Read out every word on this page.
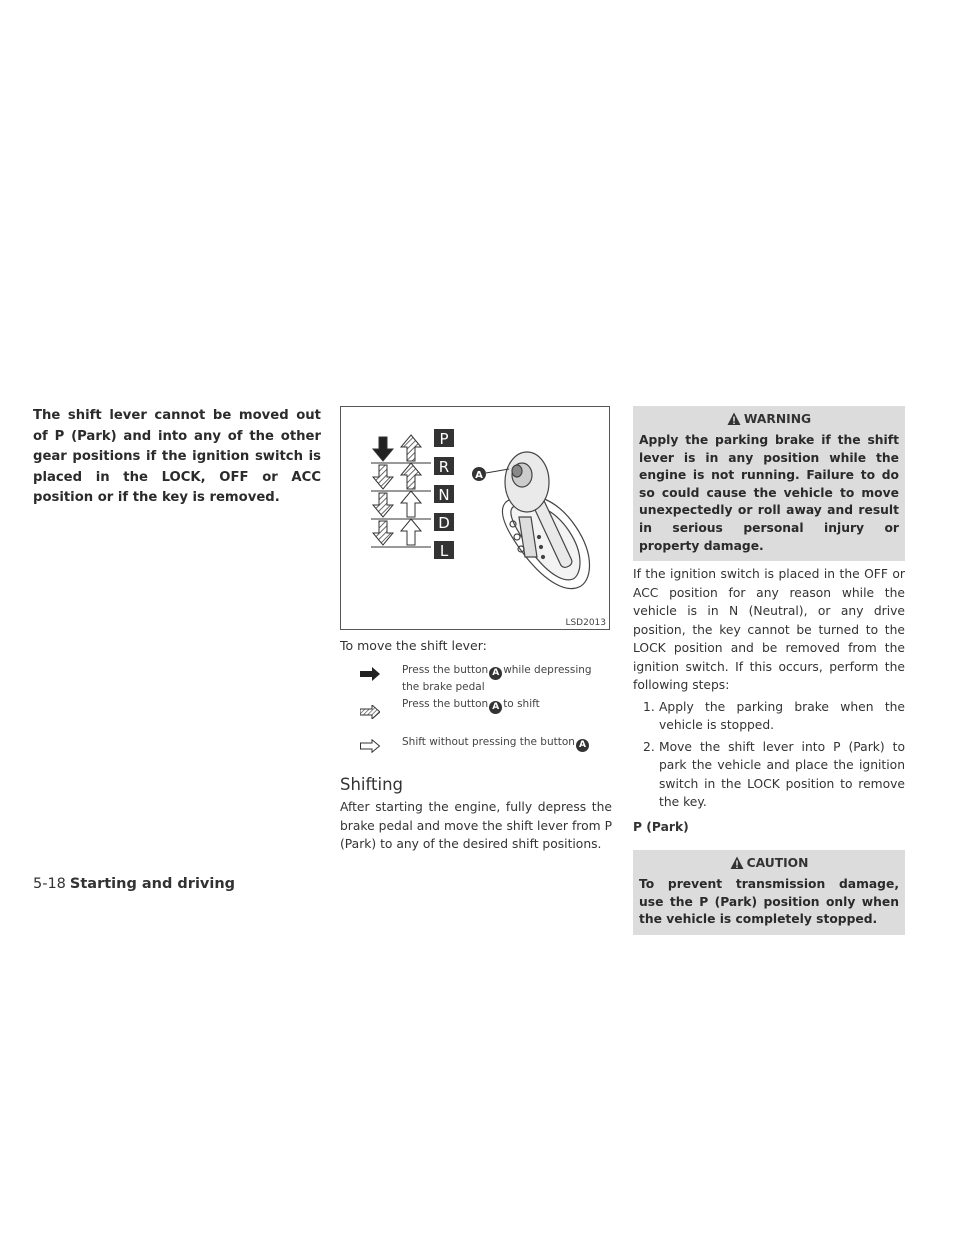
The shift lever cannot be moved out of P (Park) and into any of the other gear positions if the ignition switch is placed in the LOCK, OFF or ACC position or if the key is removed.
P
R
N
D
L
A
LSD2013
To move the shift lever:
Press the button A while depressing the brake pedal
Press the button A to shift
Shift without pressing the button A
Shifting
After starting the engine, fully depress the brake pedal and move the shift lever from P (Park) to any of the desired shift positions.
WARNING
Apply the parking brake if the shift lever is in any position while the engine is not running. Failure to do so could cause the vehicle to move unexpectedly or roll away and result in serious personal injury or property damage.
If the ignition switch is placed in the OFF or ACC position for any reason while the vehicle is in N (Neutral), or any drive position, the key cannot be turned to the LOCK position and be removed from the ignition switch. If this occurs, perform the following steps:
1. Apply the parking brake when the vehicle is stopped.
2. Move the shift lever into P (Park) to park the vehicle and place the ignition switch in the LOCK position to remove the key.
P (Park)
CAUTION
To prevent transmission damage, use the P (Park) position only when the vehicle is completely stopped.
5-18 Starting and driving
